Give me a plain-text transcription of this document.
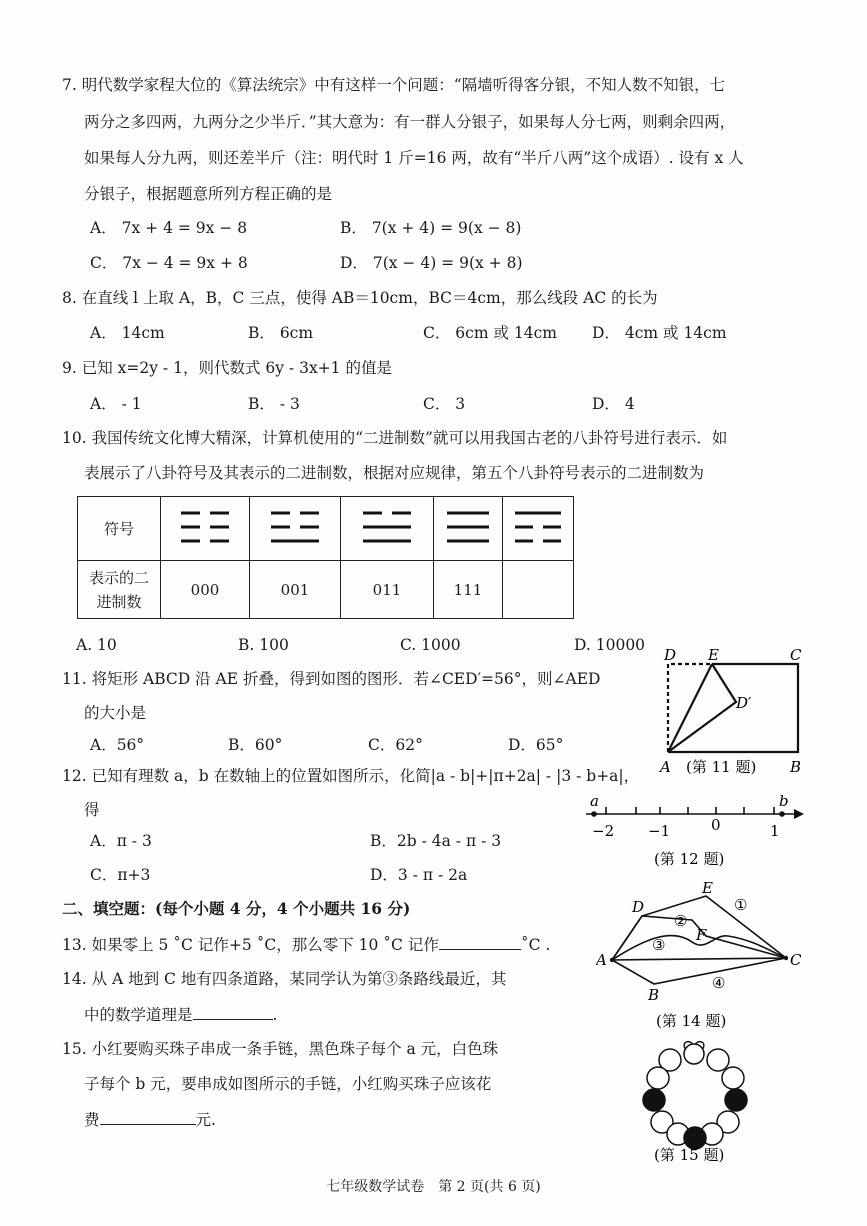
7. 明代数学家程大位的《算法统宗》中有这样一个问题：“隔墙听得客分银，不知人数不知银，七
两分之多四两，九两分之少半斤．”其大意为：有一群人分银子，如果每人分七两，则剩余四两，
如果每人分九两，则还差半斤（注：明代时 1 斤=16 两，故有“半斤八两”这个成语）. 设有 x 人
分银子，根据题意所列方程正确的是
A． 7x + 4 = 9x − 8	B． 7(x + 4) = 9(x − 8)
C． 7x − 4 = 9x + 8	D． 7(x − 4) = 9(x + 8)
8. 在直线 l 上取 A，B，C 三点，使得 AB＝10cm，BC＝4cm，那么线段 AC 的长为
A． 14cm	B． 6cm	C． 6cm 或 14cm D． 4cm 或 14cm
9. 已知 x=2y - 1，则代数式 6y - 3x+1 的值是
A． - 1	B． - 3	C． 3	D． 4
10. 我国传统文化博大精深，计算机使用的“二进制数”就可以用我国古老的八卦符号进行表示．如
表展示了八卦符号及其表示的二进制数，根据对应规律，第五个八卦符号表示的二进制数为
符号					
表示的二
进制数	000	001	011	111	
A. 10	B. 100	C. 1000	D. 10000
11. 将矩形 ABCD 沿 AE 折叠，得到如图的图形．若∠CED′=56°，则∠AED
的大小是
A．56°	B．60°	C．62°	D．65°
D E	C
D′
A	B
(第 11 题)
12. 已知有理数 a，b 在数轴上的位置如图所示，化简|a - b|+|π+2a| - |3 - b+a|，
得
A．π - 3	B．2b - 4a - π - 3
C．π+3	D．3 - π - 2a
a	b
−2 −1	0	1
(第 12 题)
二、填空题：(每个小题 4 分，4 个小题共 16 分)
13. 如果零上 5 ˚C 记作+5 ˚C，那么零下 10 ˚C 记作	˚C .
14. 从 A 地到 C 地有四条道路，某同学认为第③条路线最近，其
中的数学道理是	.
A	C
D
E
F
B
①
②
③
④
(第 14 题)
15. 小红要购买珠子串成一条手链，黑色珠子每个 a 元，白色珠
子每个 b 元，要串成如图所示的手链，小红购买珠子应该花
费	元.
(第 15 题)
七年级数学试卷　第 2 页(共 6 页)
